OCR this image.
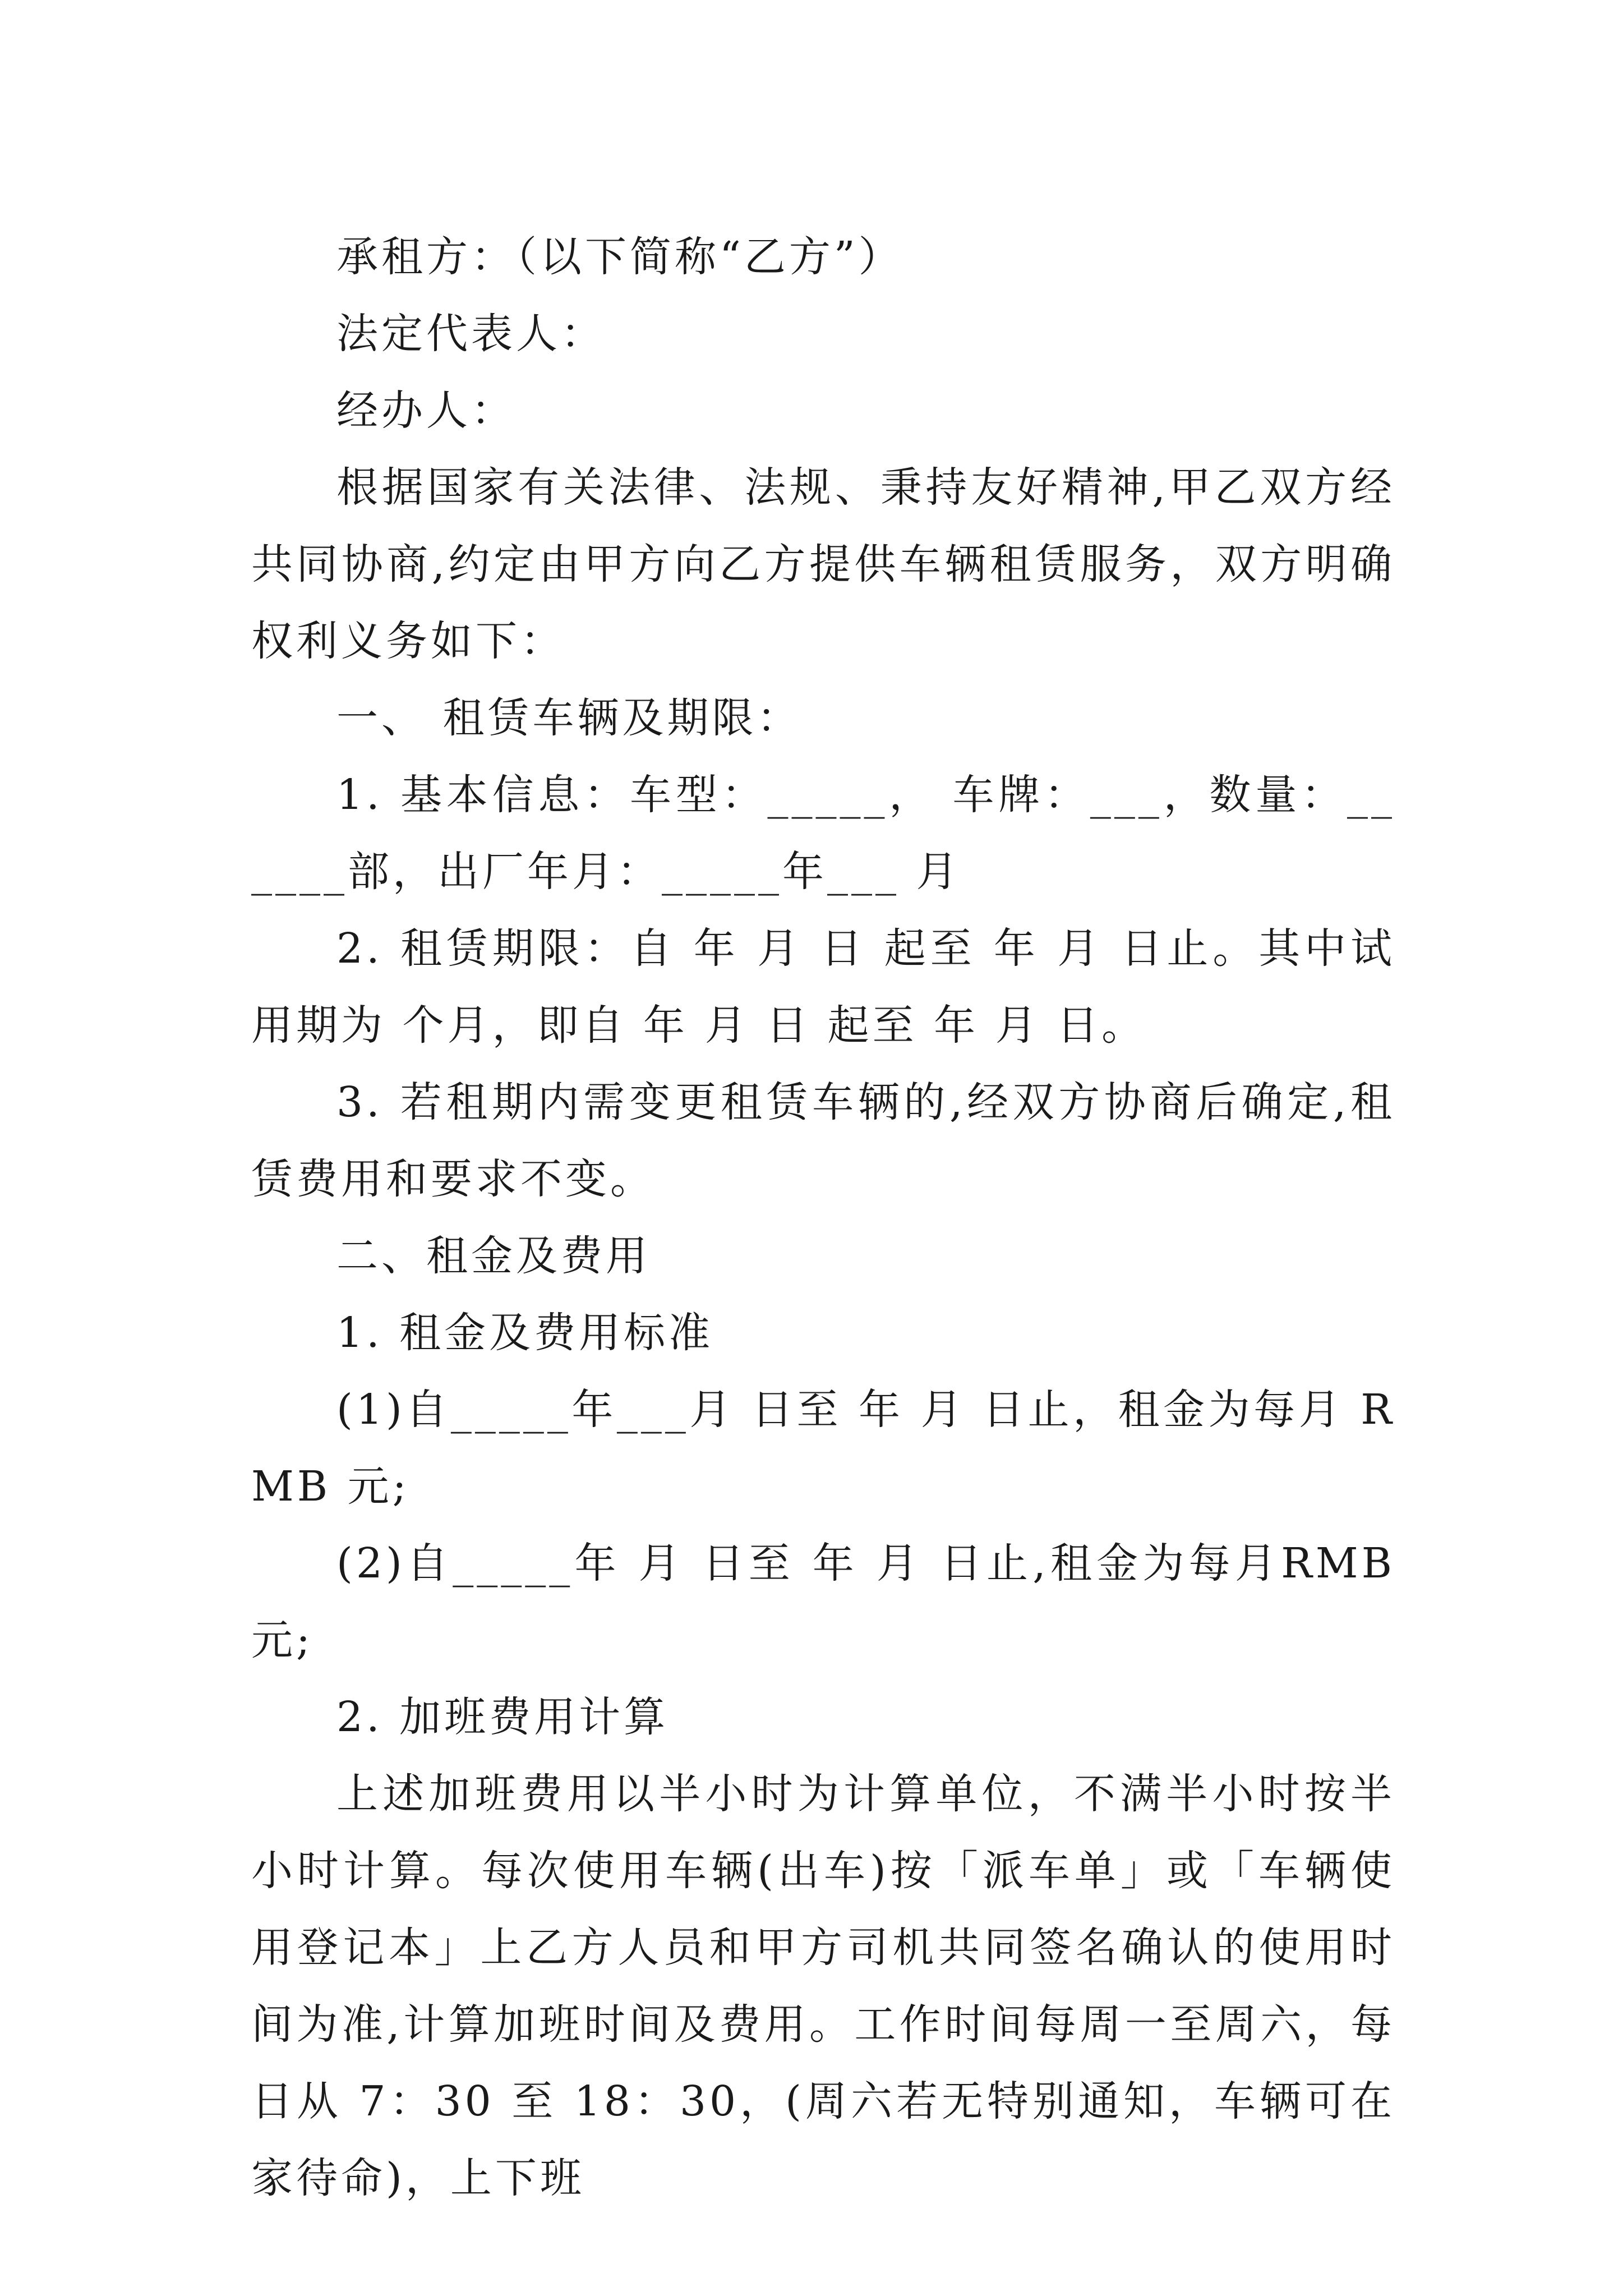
承租方：（以下简称“乙方”）

法定代表人：

经办人：

根据国家有关法律、法规、秉持友好精神,甲乙双方经共同协商,约定由甲方向乙方提供车辆租赁服务，双方明确权利义务如下：

一、 租赁车辆及期限：

1. 基本信息：车型：_____， 车牌：___，数量：______部，出厂年月：_____年___ 月

2. 租赁期限：自 年 月 日 起至 年 月 日止。其中试用期为 个月，即自 年 月 日 起至 年 月 日。

3. 若租期内需变更租赁车辆的,经双方协商后确定,租赁费用和要求不变。

二、租金及费用

1. 租金及费用标准

(1)自_____年___月 日至 年 月 日止，租金为每月 RMB 元;

(2)自_____年 月 日至 年 月 日止,租金为每月RMB 元;

2. 加班费用计算

上述加班费用以半小时为计算单位，不满半小时按半小时计算。每次使用车辆(出车)按「派车单」或「车辆使用登记本」上乙方人员和甲方司机共同签名确认的使用时间为准,计算加班时间及费用。工作时间每周一至周六，每日从 7：30 至 18：30，(周六若无特别通知，车辆可在家待命)，上下班
